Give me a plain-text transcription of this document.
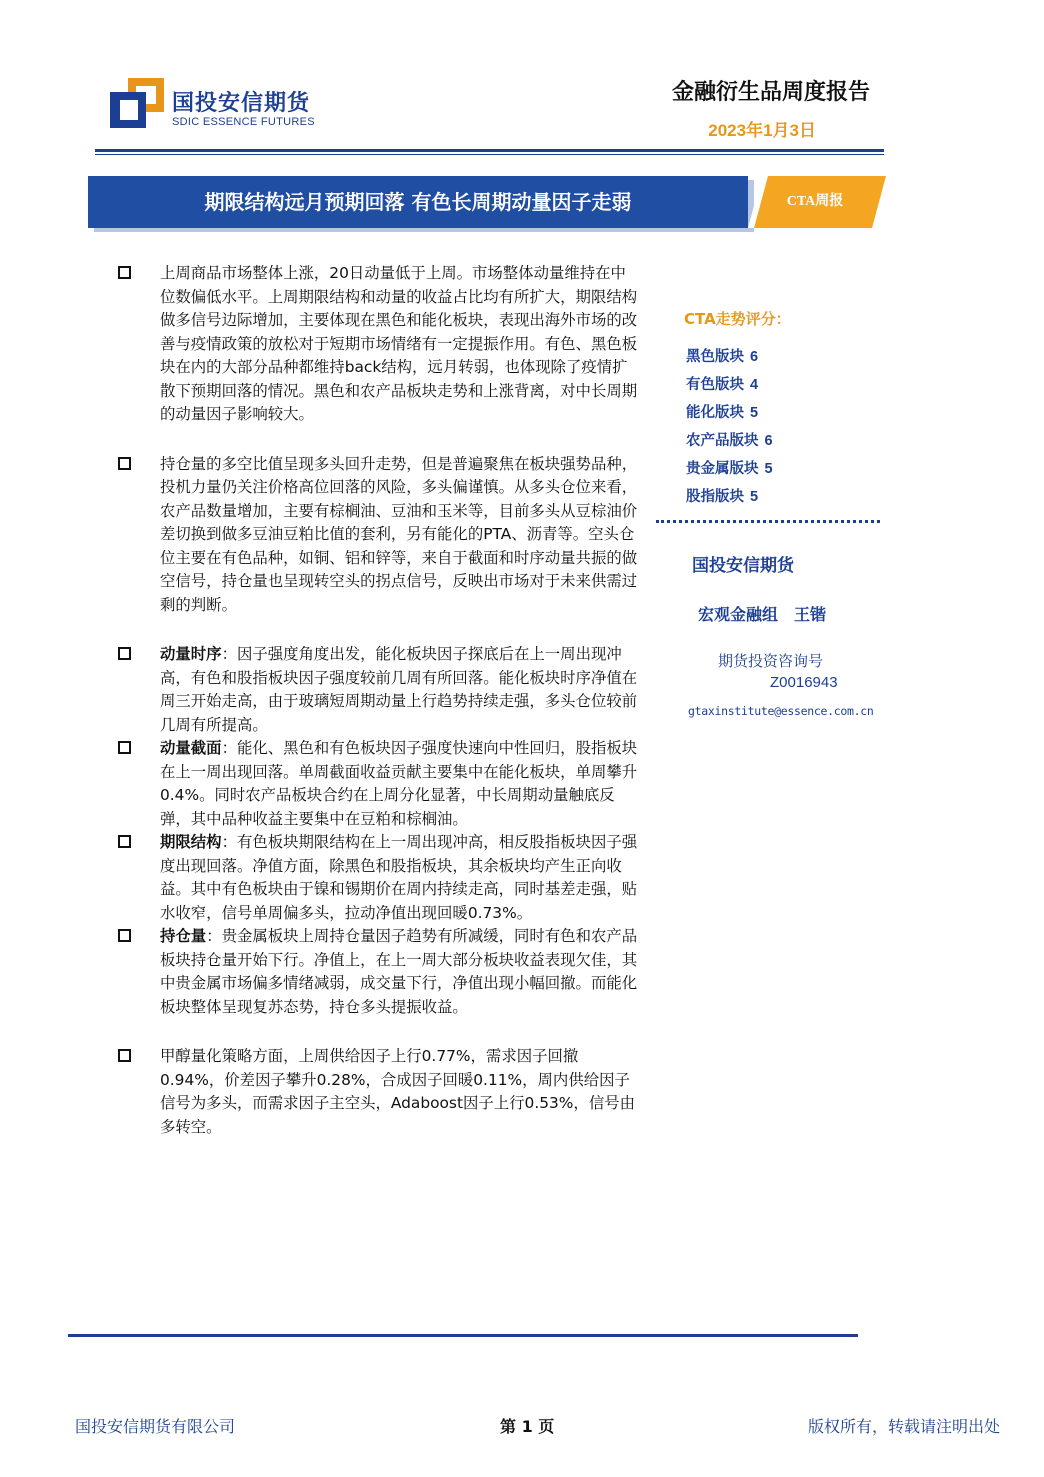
国投安信期货
SDIC ESSENCE FUTURES
金融衍生品周度报告
2023年1月3日
期限结构远月预期回落 有色长周期动量因子走弱	CTA周报
上周商品市场整体上涨，20日动量低于上周。市场整体动量维持在中位数偏低水平。上周期限结构和动量的收益占比均有所扩大，期限结构做多信号边际增加，主要体现在黑色和能化板块，表现出海外市场的改善与疫情政策的放松对于短期市场情绪有一定提振作用。有色、黑色板块在内的大部分品种都维持back结构，远月转弱，也体现除了疫情扩散下预期回落的情况。黑色和农产品板块走势和上涨背离，对中长周期的动量因子影响较大。
持仓量的多空比值呈现多头回升走势，但是普遍聚焦在板块强势品种，投机力量仍关注价格高位回落的风险，多头偏谨慎。从多头仓位来看，农产品数量增加，主要有棕榈油、豆油和玉米等，目前多头从豆棕油价差切换到做多豆油豆粕比值的套利，另有能化的PTA、沥青等。空头仓位主要在有色品种，如铜、铝和锌等，来自于截面和时序动量共振的做空信号，持仓量也呈现转空头的拐点信号，反映出市场对于未来供需过剩的判断。
动量时序：因子强度角度出发，能化板块因子探底后在上一周出现冲高，有色和股指板块因子强度较前几周有所回落。能化板块时序净值在周三开始走高，由于玻璃短周期动量上行趋势持续走强，多头仓位较前几周有所提高。
动量截面：能化、黑色和有色板块因子强度快速向中性回归，股指板块在上一周出现回落。单周截面收益贡献主要集中在能化板块，单周攀升0.4%。同时农产品板块合约在上周分化显著，中长周期动量触底反弹，其中品种收益主要集中在豆粕和棕榈油。
期限结构：有色板块期限结构在上一周出现冲高，相反股指板块因子强度出现回落。净值方面，除黑色和股指板块，其余板块均产生正向收益。其中有色板块由于镍和锡期价在周内持续走高，同时基差走强，贴水收窄，信号单周偏多头，拉动净值出现回暖0.73%。
持仓量：贵金属板块上周持仓量因子趋势有所减缓，同时有色和农产品板块持仓量开始下行。净值上，在上一周大部分板块收益表现欠佳，其中贵金属市场偏多情绪减弱，成交量下行，净值出现小幅回撤。而能化板块整体呈现复苏态势，持仓多头提振收益。
甲醇量化策略方面，上周供给因子上行0.77%，需求因子回撤0.94%，价差因子攀升0.28%，合成因子回暖0.11%，周内供给因子信号为多头，而需求因子主空头，Adaboost因子上行0.53%，信号由多转空。
CTA走势评分：
黑色版块 6
有色版块 4
能化版块 5
农产品版块 6
贵金属版块 5
股指版块 5
国投安信期货
宏观金融组　王锴
期货投资咨询号
Z0016943
gtaxinstitute@essence.com.cn
国投安信期货有限公司	第 1 页	版权所有，转载请注明出处
